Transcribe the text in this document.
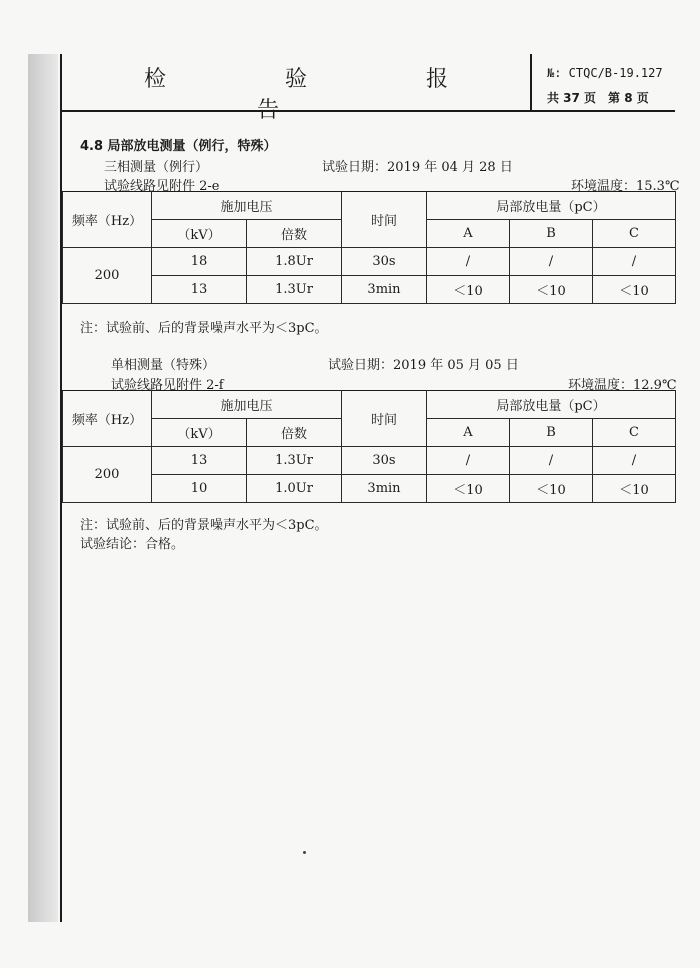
检 验 报 告
№: CTQC/B-19.127
共 37 页　第 8 页
4.8 局部放电测量（例行，特殊）
三相测量（例行）	试验日期：2019 年 04 月 28 日
试验线路见附件 2-e	环境温度：15.3℃
频率（Hz）	施加电压		时间	局部放电量（pC）		
	（kV）	倍数		A	B	C
200	18	1.8Ur	30s	/	/	/
	13	1.3Ur	3min	＜10	＜10	＜10
注：试验前、后的背景噪声水平为＜3pC。
单相测量（特殊）	试验日期：2019 年 05 月 05 日
试验线路见附件 2-f	环境温度：12.9℃
频率（Hz）	施加电压		时间	局部放电量（pC）		
	（kV）	倍数		A	B	C
200	13	1.3Ur	30s	/	/	/
	10	1.0Ur	3min	＜10	＜10	＜10
注：试验前、后的背景噪声水平为＜3pC。
试验结论：合格。
